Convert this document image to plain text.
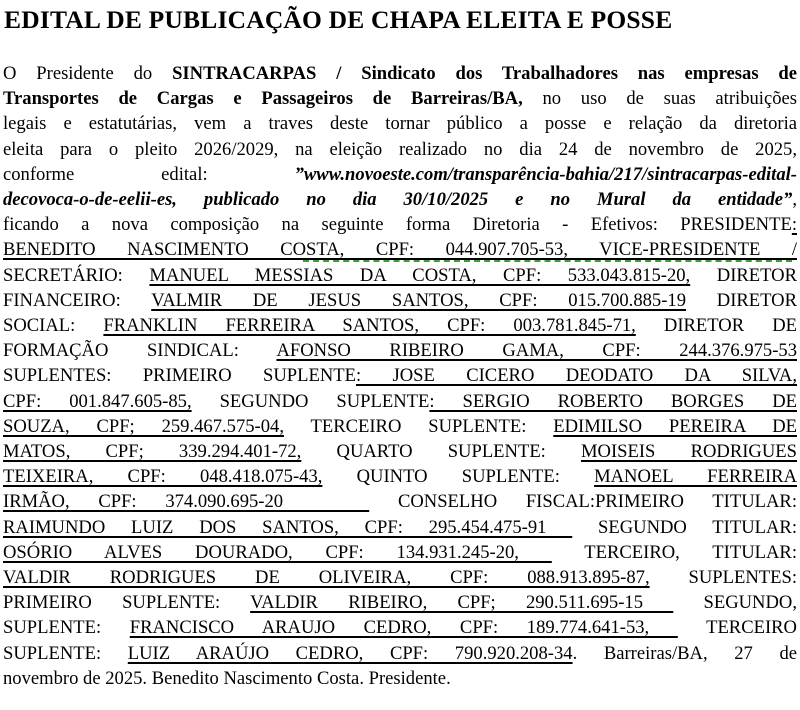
EDITAL DE PUBLICAÇÃO DE CHAPA ELEITA E POSSE
O Presidente do SINTRACARPAS / Sindicato dos Trabalhadores nas empresas de
Transportes de Cargas e Passageiros de Barreiras/BA, no uso de suas atribuições
legais e estatutárias, vem a traves deste tornar público a posse e relação da diretoria
eleita para o pleito 2026/2029, na eleição realizado no dia 24 de novembro de 2025,
conforme edital: ”www.novoeste.com/transparência-bahia/217/sintracarpas-edital-
decovoca-o-de-eelii-es, publicado no dia 30/10/2025 e no Mural da entidade”,
ficando a nova composição na seguinte forma Diretoria - Efetivos: PRESIDENTE:
BENEDITO NASCIMENTO COSTA, CPF: 044.907.705-53, VICE-PRESIDENTE /
SECRETÁRIO: MANUEL MESSIAS DA COSTA, CPF: 533.043.815-20, DIRETOR
FINANCEIRO: VALMIR DE JESUS SANTOS, CPF: 015.700.885-19 DIRETOR
SOCIAL: FRANKLIN FERREIRA SANTOS, CPF: 003.781.845-71, DIRETOR DE
FORMAÇÃO SINDICAL: AFONSO RIBEIRO GAMA, CPF: 244.376.975-53
SUPLENTES: PRIMEIRO SUPLENTE: JOSE CICERO DEODATO DA SILVA,
CPF: 001.847.605-85, SEGUNDO SUPLENTE: SERGIO ROBERTO BORGES DE
SOUZA, CPF; 259.467.575-04, TERCEIRO SUPLENTE: EDIMILSO PEREIRA DE
MATOS, CPF; 339.294.401-72, QUARTO SUPLENTE: MOISEIS RODRIGUES
TEIXEIRA, CPF: 048.418.075-43, QUINTO SUPLENTE: MANOEL FERREIRA
IRMÃO, CPF: 374.090.695-20    CONSELHO FISCAL:PRIMEIRO TITULAR:
RAIMUNDO LUIZ DOS SANTOS, CPF: 295.454.475-91  SEGUNDO TITULAR:
OSÓRIO ALVES DOURADO, CPF: 134.931.245-20,  TERCEIRO, TITULAR:
VALDIR RODRIGUES DE OLIVEIRA, CPF: 088.913.895-87, SUPLENTES:
PRIMEIRO SUPLENTE: VALDIR RIBEIRO, CPF; 290.511.695-15  SEGUNDO,
SUPLENTE: FRANCISCO ARAUJO CEDRO, CPF: 189.774.641-53,  TERCEIRO
SUPLENTE: LUIZ ARAÚJO CEDRO, CPF: 790.920.208-34. Barreiras/BA, 27 de
novembro de 2025. Benedito Nascimento Costa. Presidente.
